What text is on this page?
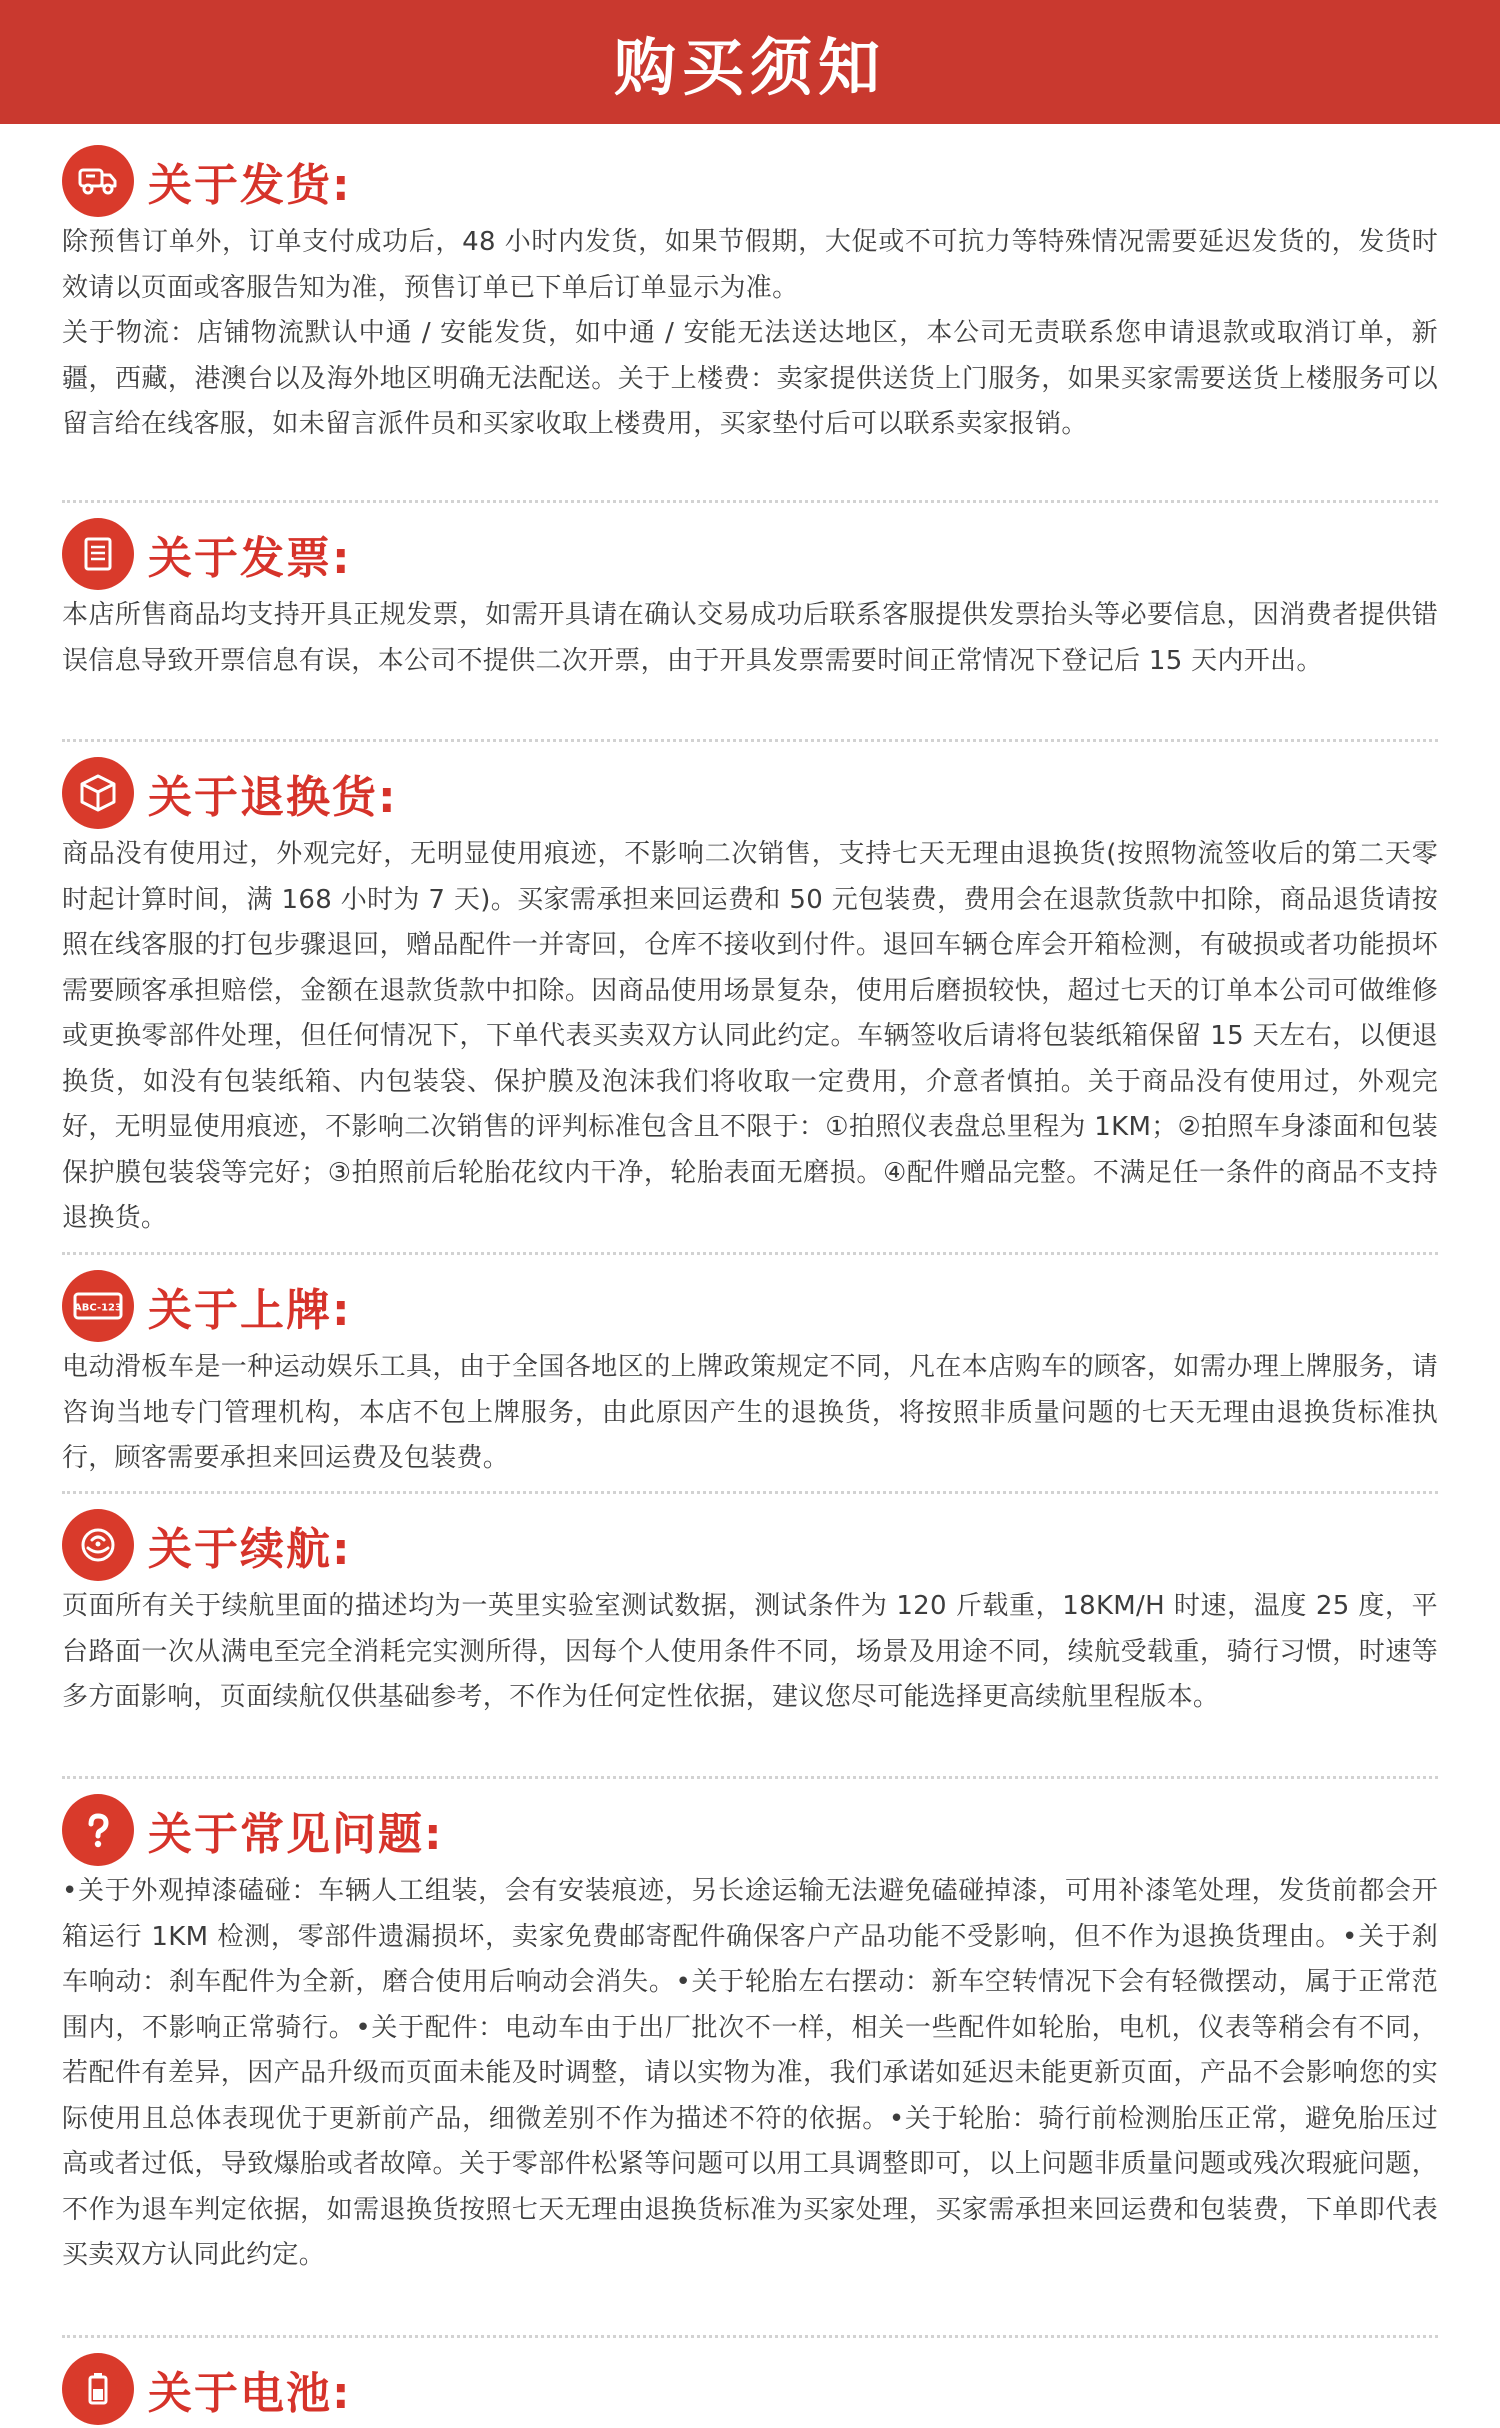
购买须知
关于发货:

除预售订单外，订单支付成功后，48 小时内发货，如果节假期，大促或不可抗力等特殊情况需要延迟发货的，发货时效请以页面或客服告知为准，预售订单已下单后订单显示为准。

关于物流：店铺物流默认中通 / 安能发货，如中通 / 安能无法送达地区，本公司无责联系您申请退款或取消订单，新疆，西藏，港澳台以及海外地区明确无法配送。关于上楼费：卖家提供送货上门服务，如果买家需要送货上楼服务可以留言给在线客服，如未留言派件员和买家收取上楼费用，买家垫付后可以联系卖家报销。

关于发票:

本店所售商品均支持开具正规发票，如需开具请在确认交易成功后联系客服提供发票抬头等必要信息，因消费者提供错误信息导致开票信息有误，本公司不提供二次开票，由于开具发票需要时间正常情况下登记后 15 天内开出。

关于退换货:

商品没有使用过，外观完好，无明显使用痕迹，不影响二次销售，支持七天无理由退换货(按照物流签收后的第二天零时起计算时间，满 168 小时为 7 天)。买家需承担来回运费和 50 元包装费，费用会在退款货款中扣除，商品退货请按照在线客服的打包步骤退回，赠品配件一并寄回，仓库不接收到付件。退回车辆仓库会开箱检测，有破损或者功能损坏需要顾客承担赔偿，金额在退款货款中扣除。因商品使用场景复杂，使用后磨损较快，超过七天的订单本公司可做维修或更换零部件处理，但任何情况下，下单代表买卖双方认同此约定。车辆签收后请将包装纸箱保留 15 天左右，以便退换货，如没有包装纸箱、内包装袋、保护膜及泡沫我们将收取一定费用，介意者慎拍。关于商品没有使用过，外观完好，无明显使用痕迹，不影响二次销售的评判标准包含且不限于：①拍照仪表盘总里程为 1KM；②拍照车身漆面和包装保护膜包装袋等完好；③拍照前后轮胎花纹内干净，轮胎表面无磨损。④配件赠品完整。不满足任一条件的商品不支持退换货。

ABC-123 关于上牌:

电动滑板车是一种运动娱乐工具，由于全国各地区的上牌政策规定不同，凡在本店购车的顾客，如需办理上牌服务，请咨询当地专门管理机构，本店不包上牌服务，由此原因产生的退换货，将按照非质量问题的七天无理由退换货标准执行，顾客需要承担来回运费及包装费。

关于续航:

页面所有关于续航里面的描述均为一英里实验室测试数据，测试条件为 120 斤载重，18KM/H 时速，温度 25 度，平台路面一次从满电至完全消耗完实测所得，因每个人使用条件不同，场景及用途不同，续航受载重，骑行习惯，时速等多方面影响，页面续航仅供基础参考，不作为任何定性依据，建议您尽可能选择更高续航里程版本。

关于常见问题:

•关于外观掉漆磕碰：车辆人工组装，会有安装痕迹，另长途运输无法避免磕碰掉漆，可用补漆笔处理，发货前都会开箱运行 1KM 检测，零部件遗漏损坏，卖家免费邮寄配件确保客户产品功能不受影响，但不作为退换货理由。•关于刹车响动：刹车配件为全新，磨合使用后响动会消失。•关于轮胎左右摆动：新车空转情况下会有轻微摆动，属于正常范围内，不影响正常骑行。•关于配件：电动车由于出厂批次不一样，相关一些配件如轮胎，电机，仪表等稍会有不同，若配件有差异，因产品升级而页面未能及时调整，请以实物为准，我们承诺如延迟未能更新页面，产品不会影响您的实际使用且总体表现优于更新前产品，细微差别不作为描述不符的依据。•关于轮胎：骑行前检测胎压正常，避免胎压过高或者过低，导致爆胎或者故障。关于零部件松紧等问题可以用工具调整即可，以上问题非质量问题或残次瑕疵问题，不作为退车判定依据，如需退换货按照七天无理由退换货标准为买家处理，买家需承担来回运费和包装费，下单即代表买卖双方认同此约定。

关于电池:
